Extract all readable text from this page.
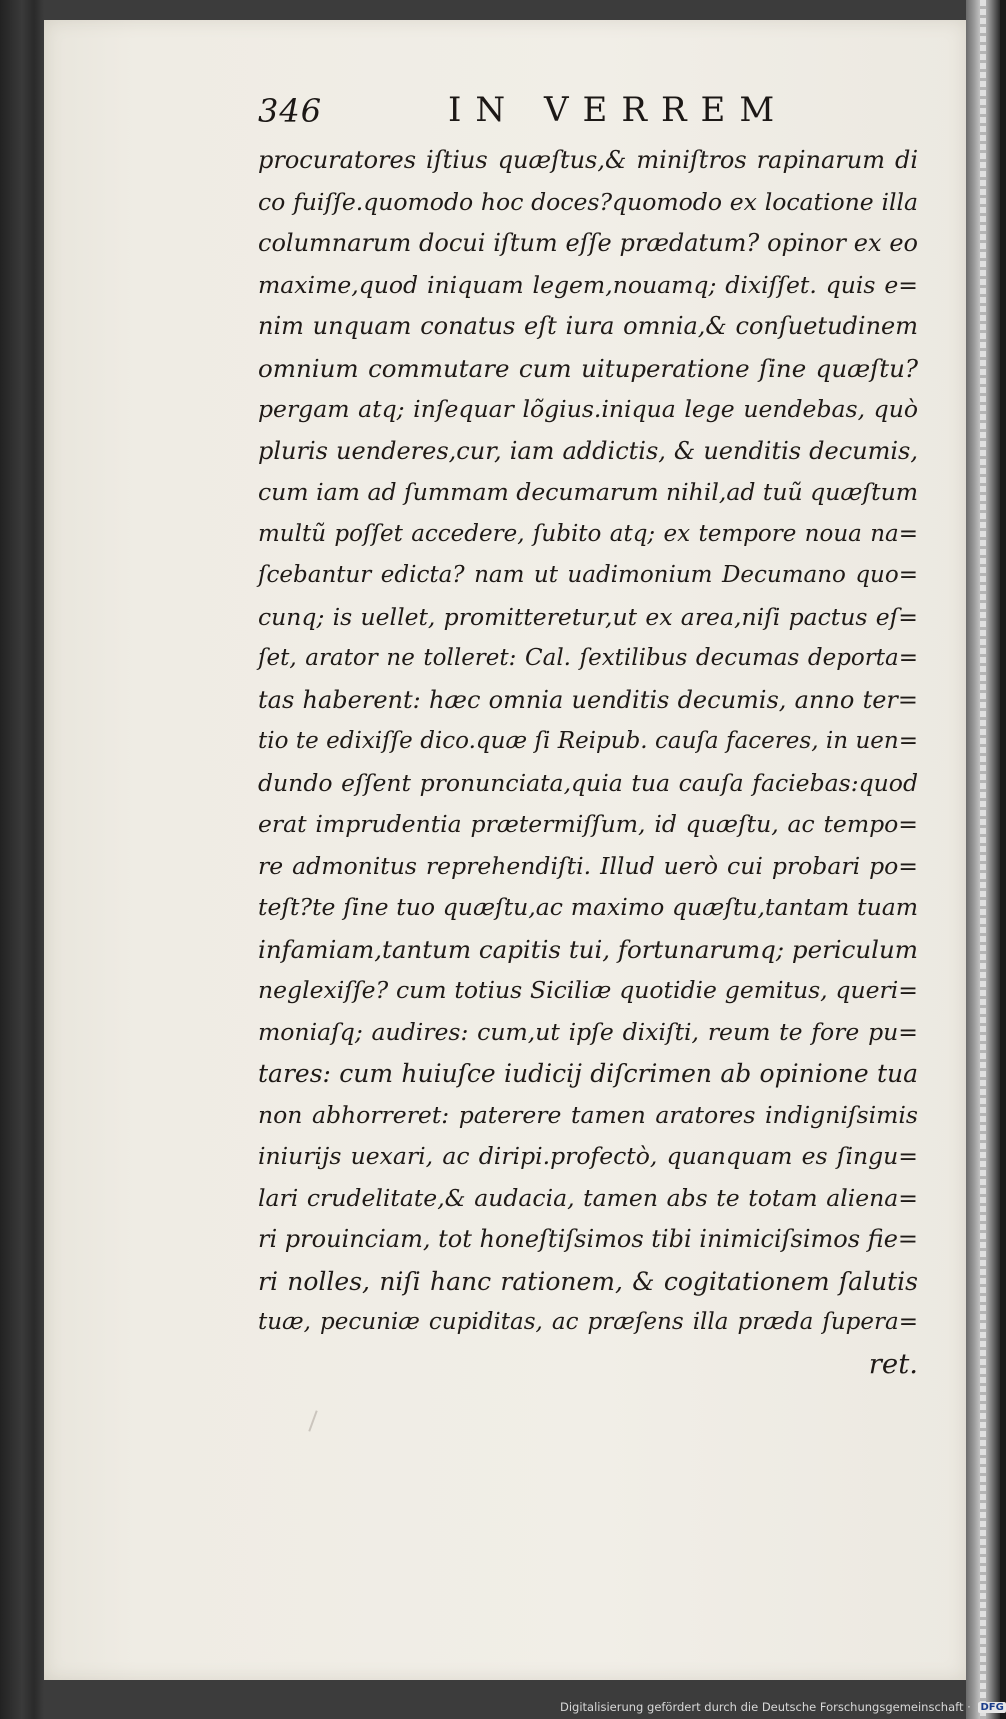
346	IN VERREM
procuratores iſtius quæſtus,& miniſtros rapinarum di
co fuiſſe.quomodo hoc doces?quomodo ex locatione illa
columnarum docui iſtum eſſe prædatum? opinor ex eo
maxime,quod iniquam legem,nouamq; dixiſſet. quis e=
nim unquam conatus eſt iura omnia,& conſuetudinem
omnium commutare cum uituperatione ſine quæſtu?
pergam atq; inſequar lõgius.iniqua lege uendebas, quò
pluris uenderes,cur, iam addictis, & uenditis decumis,
cum iam ad ſummam decumarum nihil,ad tuũ quæſtum
multũ poſſet accedere, ſubito atq; ex tempore noua na=
ſcebantur edicta? nam ut uadimonium Decumano quo=
cunq; is uellet, promitteretur,ut ex area,niſi pactus eſ=
ſet, arator ne tolleret: Cal. ſextilibus decumas deporta=
tas haberent: hæc omnia uenditis decumis, anno ter=
tio te edixiſſe dico.quæ ſi Reipub. cauſa faceres, in uen=
dundo eſſent pronunciata,quia tua cauſa faciebas:quod
erat imprudentia prætermiſſum, id quæſtu, ac tempo=
re admonitus reprehendiſti. Illud uerò cui probari po=
teſt?te ſine tuo quæſtu,ac maximo quæſtu,tantam tuam
infamiam,tantum capitis tui, fortunarumq; periculum
neglexiſſe? cum totius Siciliæ quotidie gemitus, queri=
moniaſq; audires: cum,ut ipſe dixiſti, reum te fore pu=
tares: cum huiuſce iudicij diſcrimen ab opinione tua
non abhorreret: paterere tamen aratores indigniſsimis
iniurijs uexari, ac diripi.profectò, quanquam es ſingu=
lari crudelitate,& audacia, tamen abs te totam aliena=
ri prouinciam, tot honeſtiſsimos tibi inimiciſsimos fie=
ri nolles, niſi hanc rationem, & cogitationem ſalutis
tuæ, pecuniæ cupiditas, ac præſens illa præda ſupera=
ret.
Digitalisierung gefördert durch die Deutsche Forschungsgemeinschaft · DFG
